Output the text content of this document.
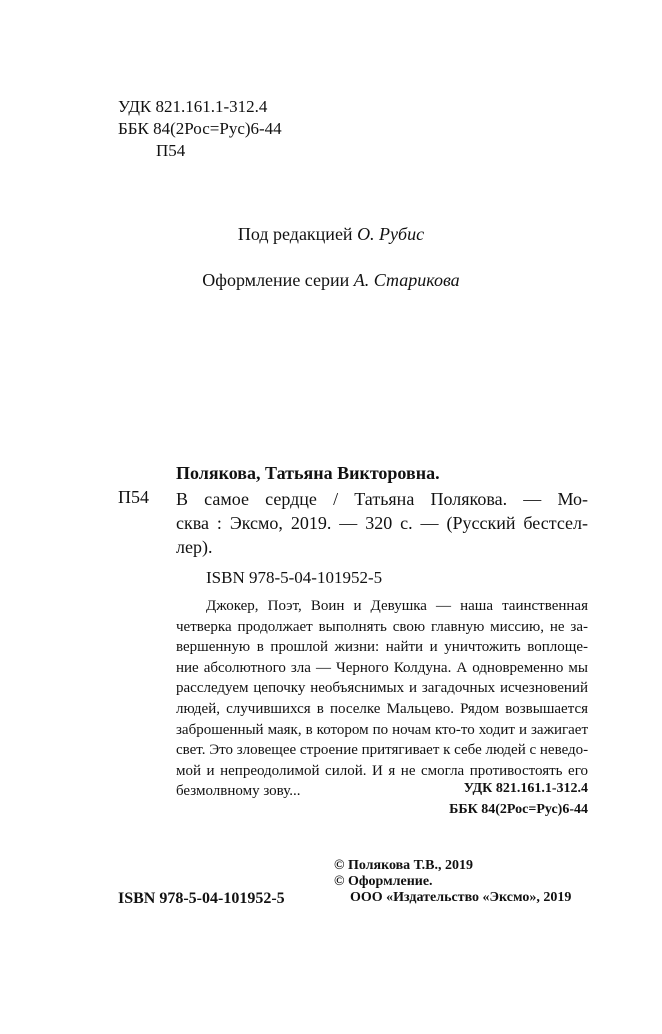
УДК 821.161.1-312.4
ББК 84(2Рос=Рус)6-44
П54
Под редакцией О. Рубис
Оформление серии А. Старикова
Полякова, Татьяна Викторовна.
П54 В самое сердце / Татьяна Полякова. — Мо-
сква : Эксмо, 2019. — 320 с. — (Русский бестсел-
лер).
ISBN 978-5-04-101952-5
Джокер, Поэт, Воин и Девушка — наша таинственная
четверка продолжает выполнять свою главную миссию, не за-
вершенную в прошлой жизни: найти и уничтожить воплоще-
ние абсолютного зла — Черного Колдуна. А одновременно мы
расследуем цепочку необъяснимых и загадочных исчезновений
людей, случившихся в поселке Мальцево. Рядом возвышается
заброшенный маяк, в котором по ночам кто-то ходит и зажигает
свет. Это зловещее строение притягивает к себе людей с неведо-
мой и непреодолимой силой. И я не смогла противостоять его
безмолвному зову...	УДК 821.161.1-312.4
ББК 84(2Рос=Рус)6-44
© Полякова Т.В., 2019
© Оформление.
ООО «Издательство «Эксмо», 2019
ISBN 978-5-04-101952-5
